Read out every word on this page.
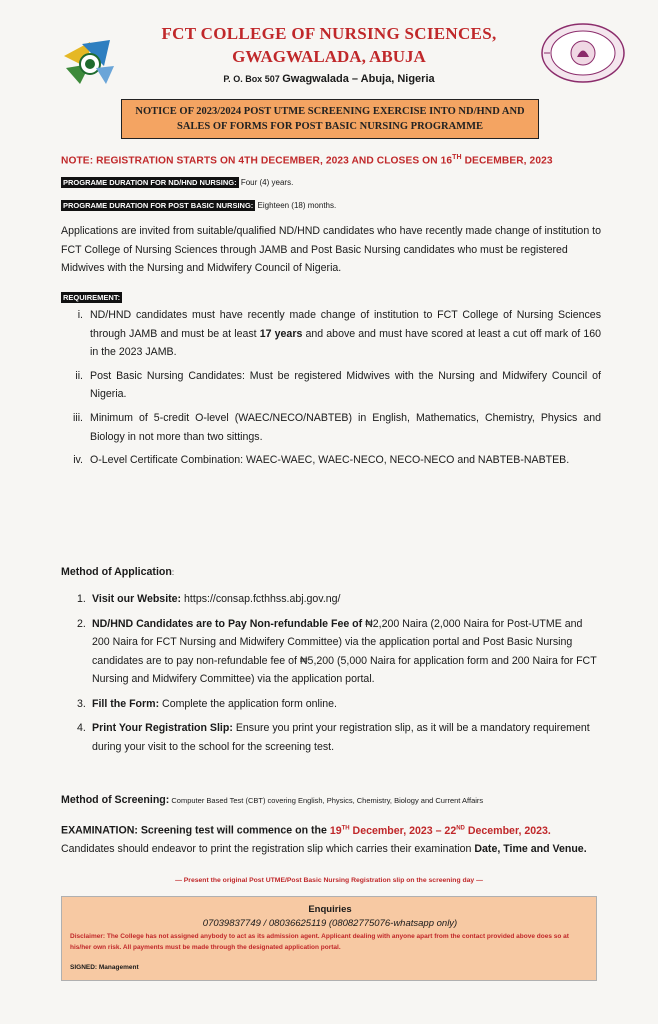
FCT COLLEGE OF NURSING SCIENCES,
GWAGWALADA, ABUJA
P. O. Box 507 Gwagwalada – Abuja, Nigeria
NOTICE OF 2023/2024 POST UTME SCREENING EXERCISE INTO ND/HND AND
SALES OF FORMS FOR POST BASIC NURSING PROGRAMME
NOTE: REGISTRATION STARTS ON 4TH DECEMBER, 2023 AND CLOSES ON 16TH DECEMBER, 2023
PROGRAME DURATION FOR ND/HND NURSING: Four (4) years.
PROGRAME DURATION FOR POST BASIC NURSING: Eighteen (18) months.
Applications are invited from suitable/qualified ND/HND candidates who have recently made change of institution to FCT College of Nursing Sciences through JAMB and Post Basic Nursing candidates who must be registered Midwives with the Nursing and Midwifery Council of Nigeria.
REQUIREMENT:
i. ND/HND candidates must have recently made change of institution to FCT College of Nursing Sciences through JAMB and must be at least 17 years and above and must have scored at least a cut off mark of 160 in the 2023 JAMB.
ii. Post Basic Nursing Candidates: Must be registered Midwives with the Nursing and Midwifery Council of Nigeria.
iii. Minimum of 5-credit O-level (WAEC/NECO/NABTEB) in English, Mathematics, Chemistry, Physics and Biology in not more than two sittings.
iv. O-Level Certificate Combination: WAEC-WAEC, WAEC-NECO, NECO-NECO and NABTEB-NABTEB.
Method of Application:
1. Visit our Website: https://consap.fcthhss.abj.gov.ng/
2. ND/HND Candidates are to Pay Non-refundable Fee of ₦2,200 Naira (2,000 Naira for Post-UTME and 200 Naira for FCT Nursing and Midwifery Committee) via the application portal and Post Basic Nursing candidates are to pay non-refundable fee of ₦5,200 (5,000 Naira for application form and 200 Naira for FCT Nursing and Midwifery Committee) via the application portal.
3. Fill the Form: Complete the application form online.
4. Print Your Registration Slip: Ensure you print your registration slip, as it will be a mandatory requirement during your visit to the school for the screening test.
Method of Screening: Computer Based Test (CBT) covering English, Physics, Chemistry, Biology and Current Affairs
EXAMINATION: Screening test will commence on the 19TH December, 2023 – 22ND December, 2023.
Candidates should endeavor to print the registration slip which carries their examination Date, Time and Venue.
— Present the original Post UTME/Post Basic Nursing Registration slip on the screening day —
Enquiries
07039837749 / 08036625119 (08082775076-whatsapp only)
Disclaimer: The College has not assigned anybody to act as its admission agent. Applicant dealing with anyone apart from the contact provided above does so at his/her own risk. All payments must be made through the designated application portal.
SIGNED: Management
